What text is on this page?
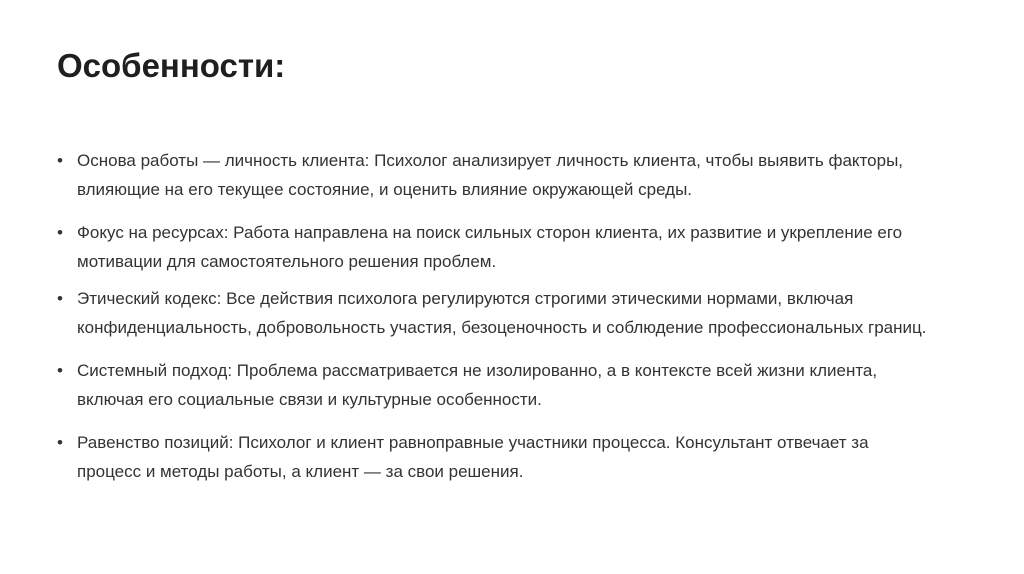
Особенности:
• Основа работы — личность клиента: Психолог анализирует личность клиента, чтобы выявить факторы, влияющие на его текущее состояние, и оценить влияние окружающей среды.
• Фокус на ресурсах: Работа направлена на поиск сильных сторон клиента, их развитие и укрепление его мотивации для самостоятельного решения проблем.
• Этический кодекс: Все действия психолога регулируются строгими этическими нормами, включая конфиденциальность, добровольность участия, безоценочность и соблюдение профессиональных границ.
• Системный подход: Проблема рассматривается не изолированно, а в контексте всей жизни клиента, включая его социальные связи и культурные особенности.
• Равенство позиций: Психолог и клиент равноправные участники процесса. Консультант отвечает за процесс и методы работы, а клиент — за свои решения.
